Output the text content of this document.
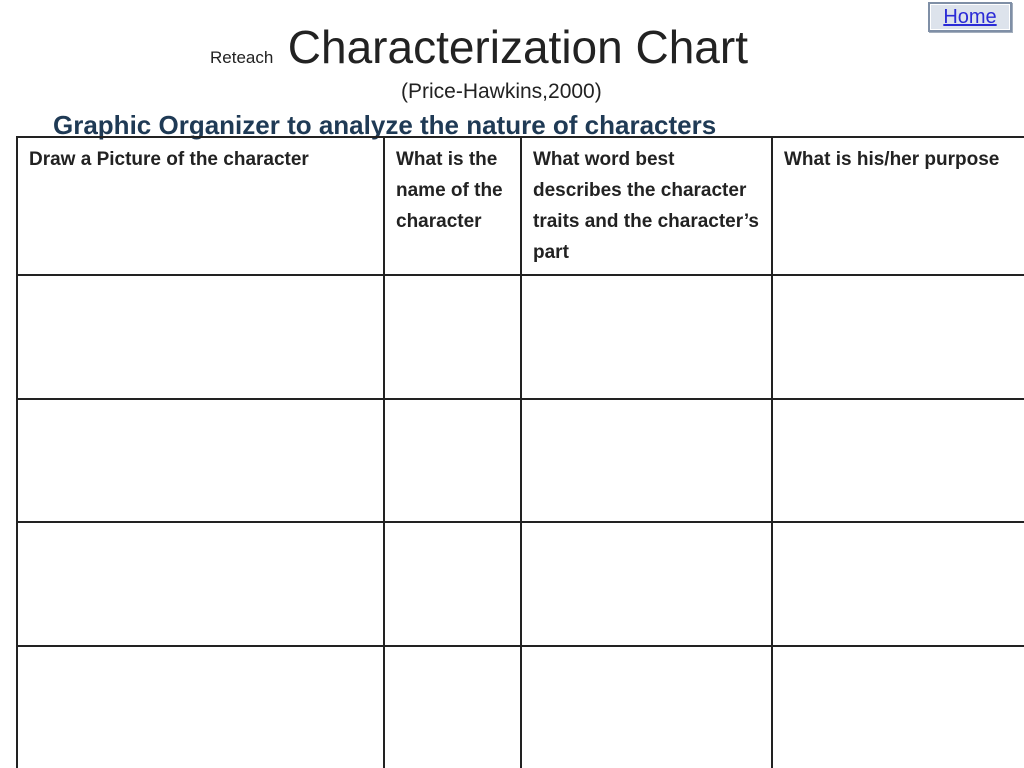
Home
Reteach Characterization Chart
(Price-Hawkins,2000)
Graphic Organizer to analyze the nature of characters
Draw a Picture of the character	What is the name of the character	What word best describes the character traits and the character’s part	What is his/her purpose
